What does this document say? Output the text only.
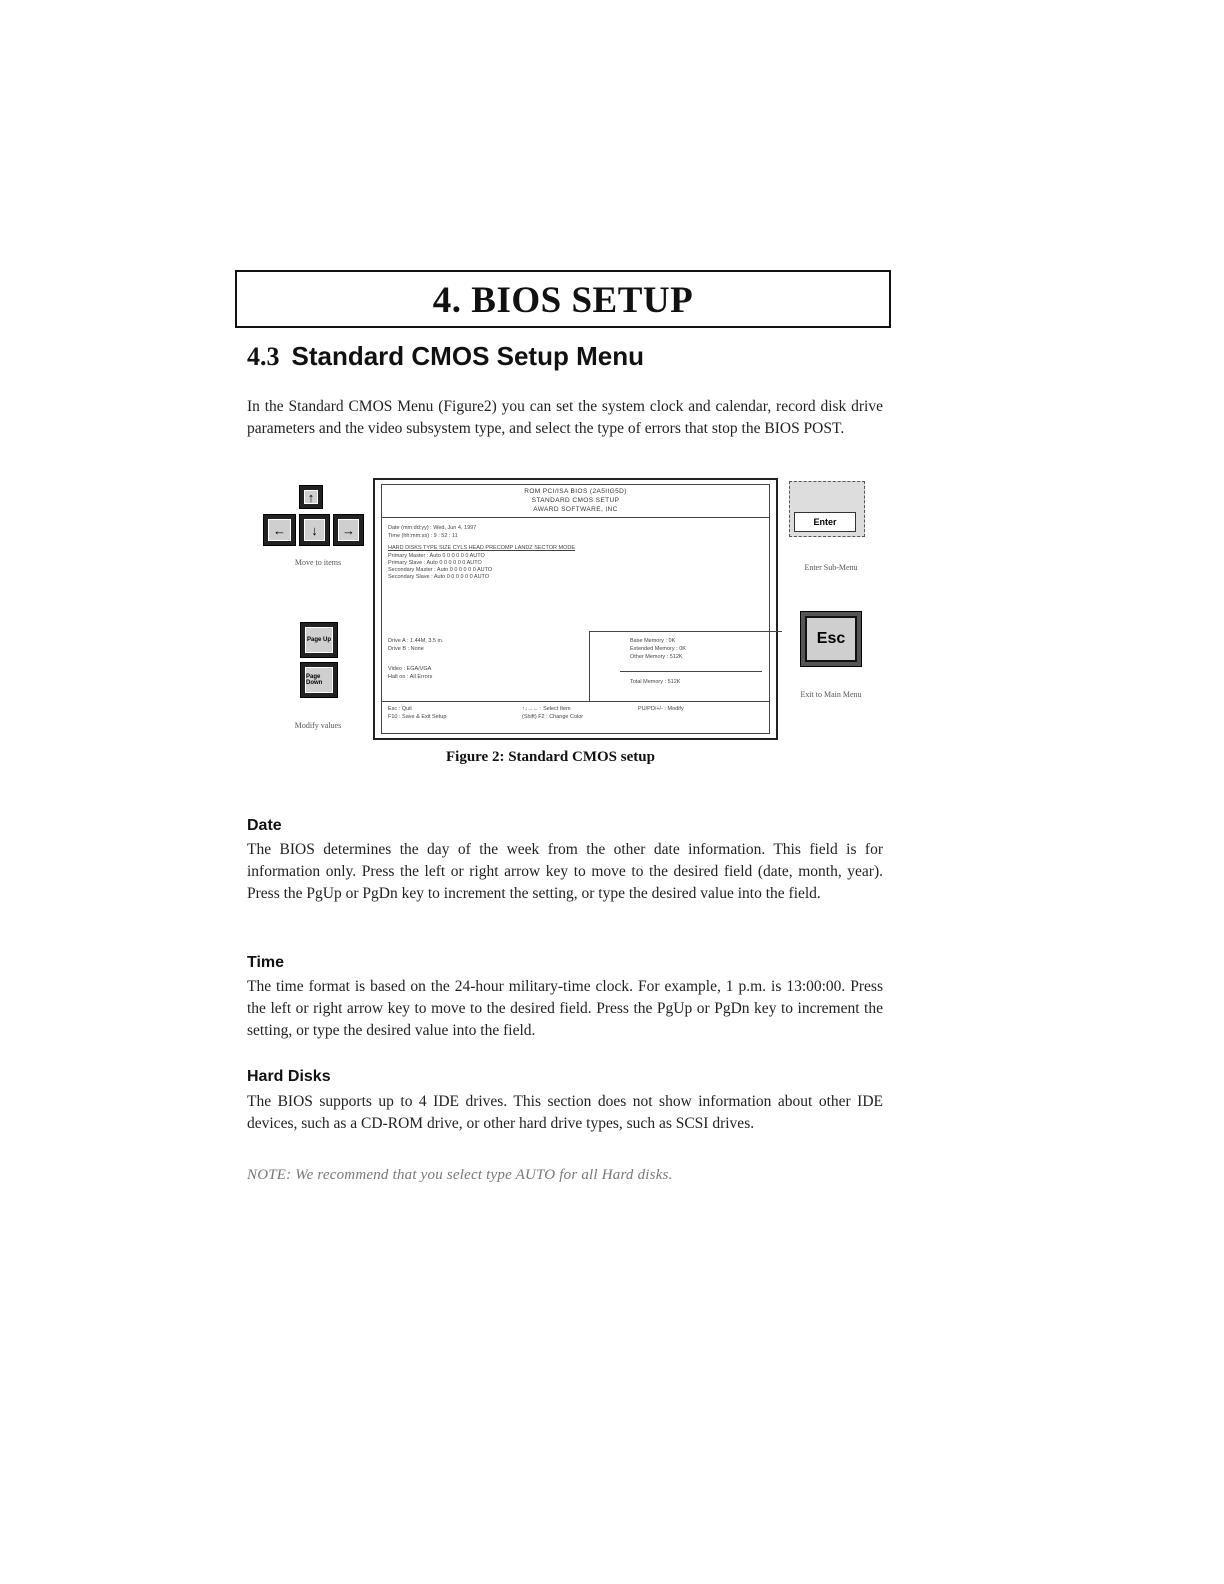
4. BIOS SETUP
4.3 Standard CMOS Setup Menu
In the Standard CMOS Menu (Figure2) you can set the system clock and calendar, record disk drive parameters and the video subsystem type, and select the type of errors that stop the BIOS POST.
↑
←	↓	→
Move to items
Page Up
Page Down
Modify values
ROM PCI/ISA BIOS (2A5IIG5D)
STANDARD CMOS SETUP
AWARD SOFTWARE, INC
Date (mm:dd:yy) : Wed, Jun 4, 1997
Time (hh:mm:ss) : 9 : 52 : 11
HARD DISKS TYPE SIZE CYLS HEAD PRECOMP LANDZ SECTOR MODE
Primary Master : Auto 0 0 0 0 0 0 AUTO
Primary Slave : Auto 0 0 0 0 0 0 AUTO
Secondary Master : Auto 0 0 0 0 0 0 AUTO
Secondary Slave : Auto 0 0 0 0 0 0 AUTO
Drive A : 1.44M, 3.5 in.
Drive B : None
Video : EGA/VGA
Halt on : All Errors
Base Memory : 0K
Extended Memory : 0K
Other Memory : 512K
Total Memory : 512K
Esc : Quit
F10 : Save & Exit Setup
↑↓→← : Select Item
(Shift) F2 : Change Color
PU/PD/+/- : Modify
Enter
Enter Sub-Menu
Esc
Exit to Main Menu
Figure 2: Standard CMOS setup
Date
The BIOS determines the day of the week from the other date information. This field is for information only. Press the left or right arrow key to move to the desired field (date, month, year). Press the PgUp or PgDn key to increment the setting, or type the desired value into the field.
Time
The time format is based on the 24-hour military-time clock. For example, 1 p.m. is 13:00:00. Press the left or right arrow key to move to the desired field. Press the PgUp or PgDn key to increment the setting, or type the desired value into the field.
Hard Disks
The BIOS supports up to 4 IDE drives. This section does not show information about other IDE devices, such as a CD-ROM drive, or other hard drive types, such as SCSI drives.
NOTE: We recommend that you select type AUTO for all Hard disks.
